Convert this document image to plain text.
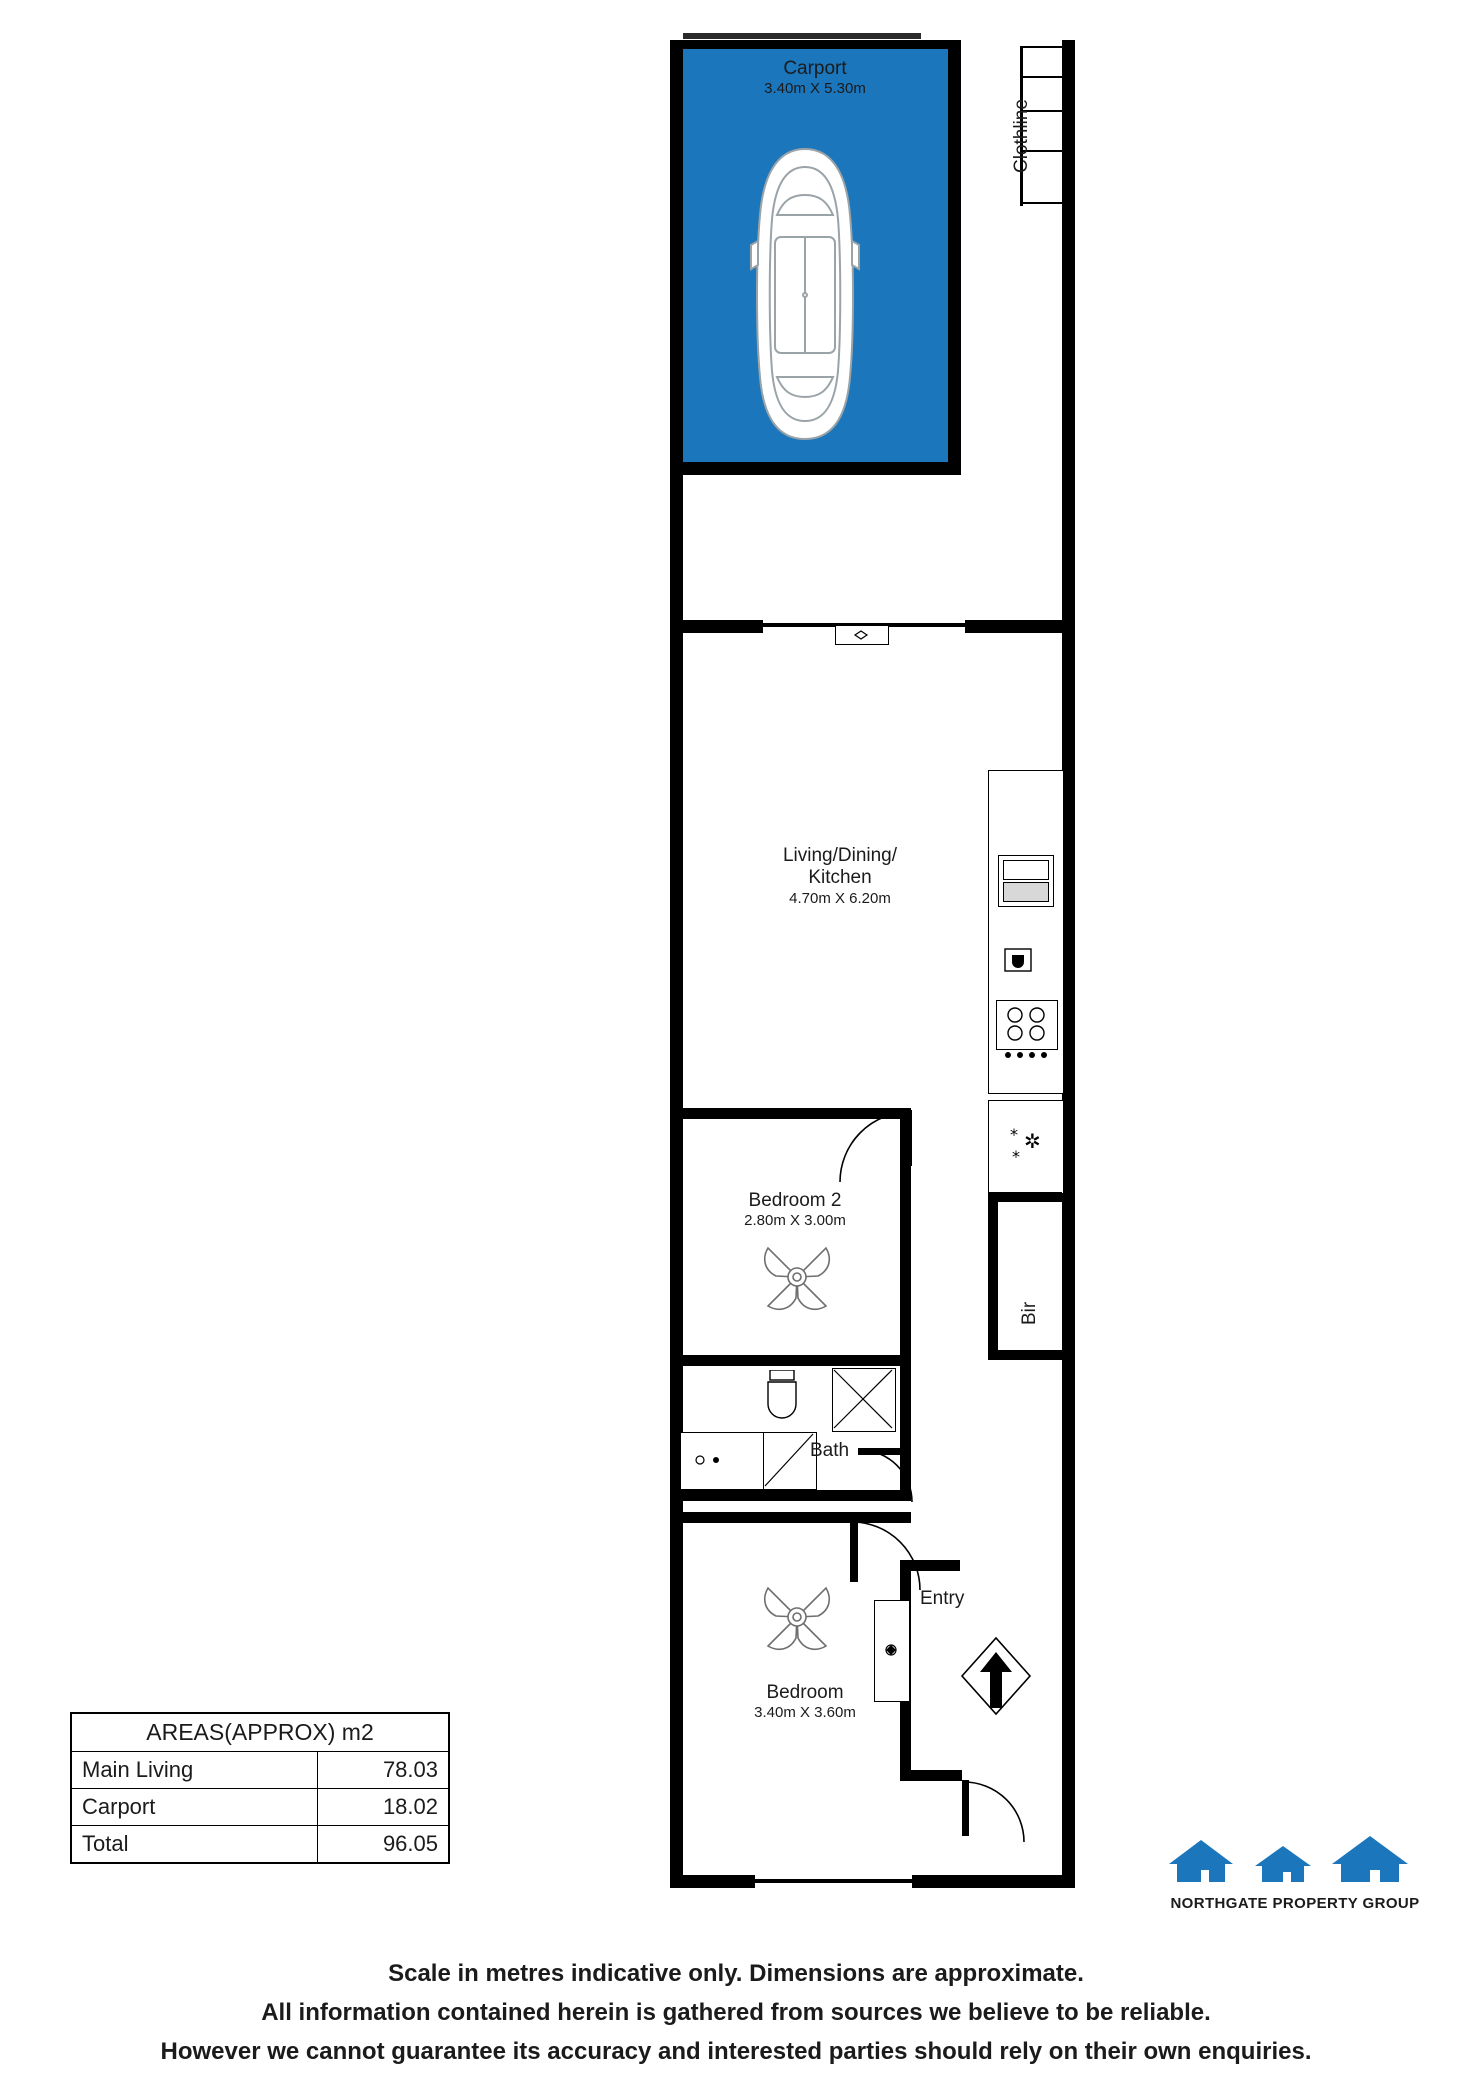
Clothline
Living/Dining/
Kitchen
4.70m X 6.20m
* ✲
*
Bir
Bedroom 2
2.80m X 3.00m
Bath
Bedroom
3.40m X 3.60m
Entry
AREAS(APPROX) m2	
Main Living	78.03
Carport	18.02
Total	96.05
Carport
3.40m X 5.30m
NORTHGATE PROPERTY GROUP
Scale in metres indicative only. Dimensions are approximate.
All information contained herein is gathered from sources we believe to be reliable.
However we cannot guarantee its accuracy and interested parties should rely on their own enquiries.
